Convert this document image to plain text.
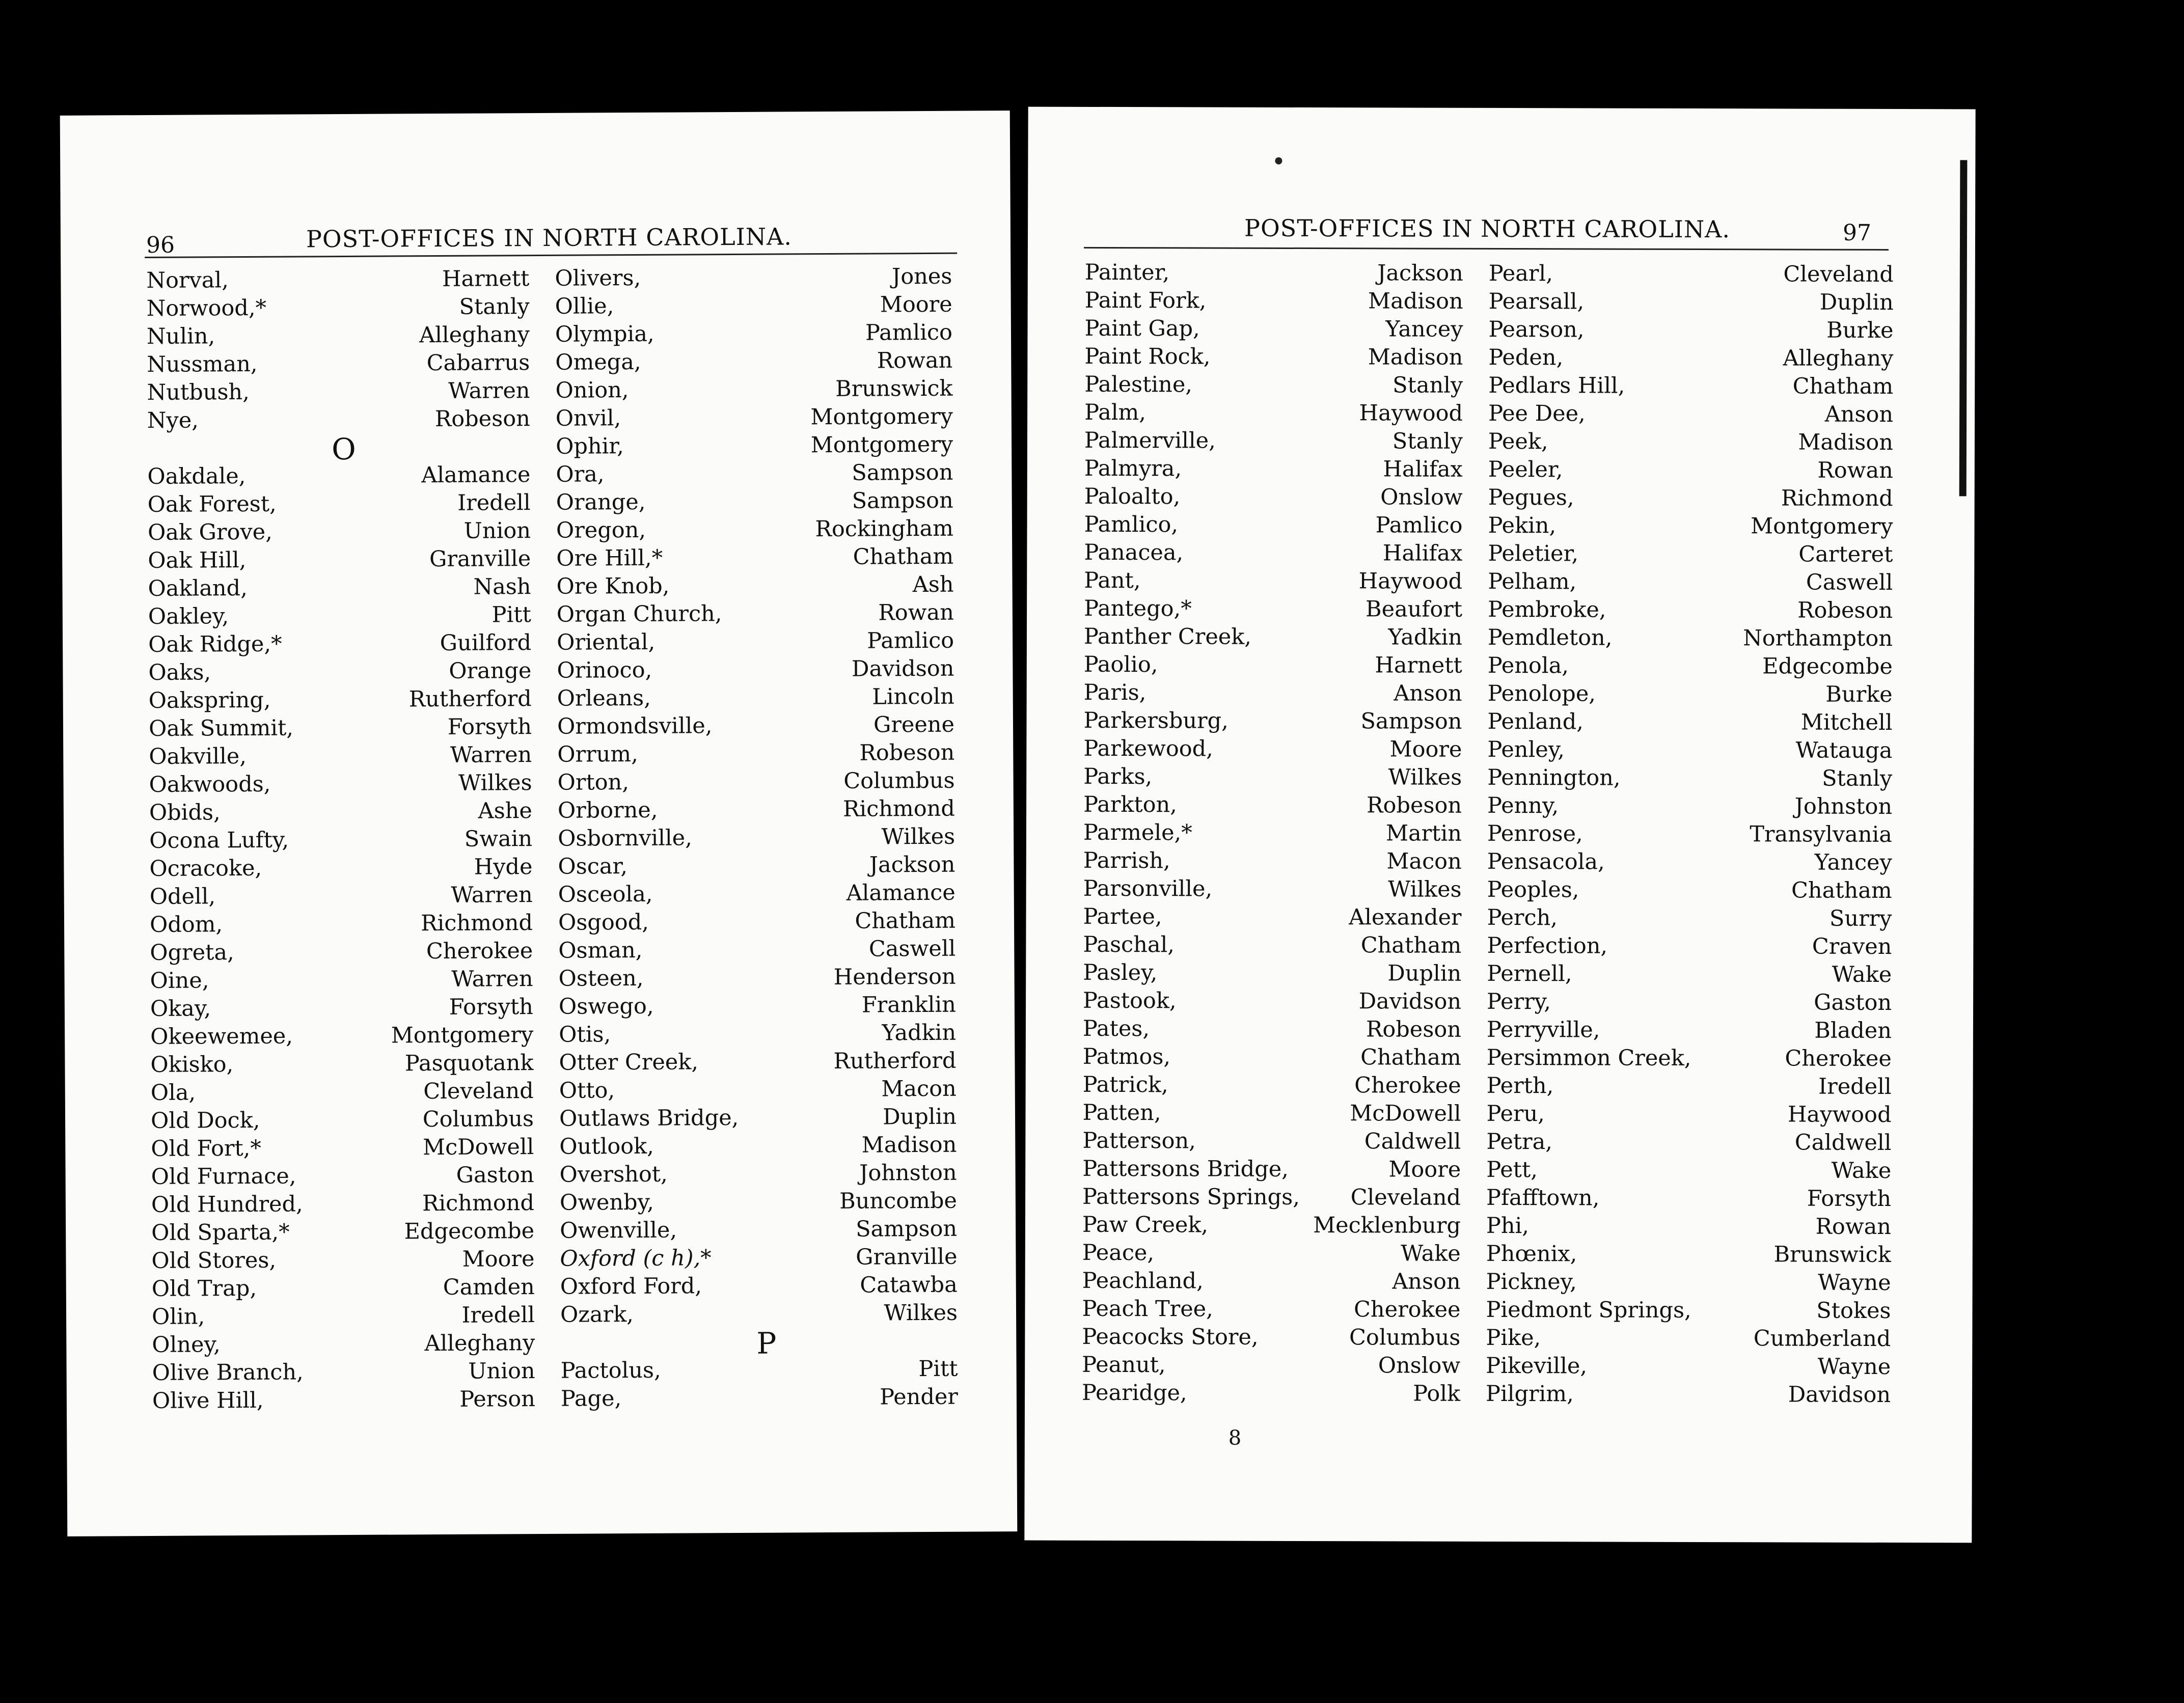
96	POST-OFFICES IN NORTH CAROLINA.
Norval,	Harnett
Norwood,*	Stanly
Nulin,	Alleghany
Nussman,	Cabarrus
Nutbush,	Warren
Nye,	Robeson
O
Oakdale,	Alamance
Oak Forest,	Iredell
Oak Grove,	Union
Oak Hill,	Granville
Oakland,	Nash
Oakley,	Pitt
Oak Ridge,*	Guilford
Oaks,	Orange
Oakspring,	Rutherford
Oak Summit,	Forsyth
Oakville,	Warren
Oakwoods,	Wilkes
Obids,	Ashe
Ocona Lufty,	Swain
Ocracoke,	Hyde
Odell,	Warren
Odom,	Richmond
Ogreta,	Cherokee
Oine,	Warren
Okay,	Forsyth
Okeewemee,	Montgomery
Okisko,	Pasquotank
Ola,	Cleveland
Old Dock,	Columbus
Old Fort,*	McDowell
Old Furnace,	Gaston
Old Hundred,	Richmond
Old Sparta,*	Edgecombe
Old Stores,	Moore
Old Trap,	Camden
Olin,	Iredell
Olney,	Alleghany
Olive Branch,	Union
Olive Hill,	Person
Olivers,	Jones
Ollie,	Moore
Olympia,	Pamlico
Omega,	Rowan
Onion,	Brunswick
Onvil,	Montgomery
Ophir,	Montgomery
Ora,	Sampson
Orange,	Sampson
Oregon,	Rockingham
Ore Hill,*	Chatham
Ore Knob,	Ash
Organ Church,	Rowan
Oriental,	Pamlico
Orinoco,	Davidson
Orleans,	Lincoln
Ormondsville,	Greene
Orrum,	Robeson
Orton,	Columbus
Orborne,	Richmond
Osbornville,	Wilkes
Oscar,	Jackson
Osceola,	Alamance
Osgood,	Chatham
Osman,	Caswell
Osteen,	Henderson
Oswego,	Franklin
Otis,	Yadkin
Otter Creek,	Rutherford
Otto,	Macon
Outlaws Bridge,	Duplin
Outlook,	Madison
Overshot,	Johnston
Owenby,	Buncombe
Owenville,	Sampson
Oxford (c h),*	Granville
Oxford Ford,	Catawba
Ozark,	Wilkes
P
Pactolus,	Pitt
Page,	Pender
POST-OFFICES IN NORTH CAROLINA.	97
Painter,	Jackson
Paint Fork,	Madison
Paint Gap,	Yancey
Paint Rock,	Madison
Palestine,	Stanly
Palm,	Haywood
Palmerville,	Stanly
Palmyra,	Halifax
Paloalto,	Onslow
Pamlico,	Pamlico
Panacea,	Halifax
Pant,	Haywood
Pantego,*	Beaufort
Panther Creek,	Yadkin
Paolio,	Harnett
Paris,	Anson
Parkersburg,	Sampson
Parkewood,	Moore
Parks,	Wilkes
Parkton,	Robeson
Parmele,*	Martin
Parrish,	Macon
Parsonville,	Wilkes
Partee,	Alexander
Paschal,	Chatham
Pasley,	Duplin
Pastook,	Davidson
Pates,	Robeson
Patmos,	Chatham
Patrick,	Cherokee
Patten,	McDowell
Patterson,	Caldwell
Pattersons Bridge,	Moore
Pattersons Springs,	Cleveland
Paw Creek,	Mecklenburg
Peace,	Wake
Peachland,	Anson
Peach Tree,	Cherokee
Peacocks Store,	Columbus
Peanut,	Onslow
Pearidge,	Polk
Pearl,	Cleveland
Pearsall,	Duplin
Pearson,	Burke
Peden,	Alleghany
Pedlars Hill,	Chatham
Pee Dee,	Anson
Peek,	Madison
Peeler,	Rowan
Pegues,	Richmond
Pekin,	Montgomery
Peletier,	Carteret
Pelham,	Caswell
Pembroke,	Robeson
Pemdleton,	Northampton
Penola,	Edgecombe
Penolope,	Burke
Penland,	Mitchell
Penley,	Watauga
Pennington,	Stanly
Penny,	Johnston
Penrose,	Transylvania
Pensacola,	Yancey
Peoples,	Chatham
Perch,	Surry
Perfection,	Craven
Pernell,	Wake
Perry,	Gaston
Perryville,	Bladen
Persimmon Creek,	Cherokee
Perth,	Iredell
Peru,	Haywood
Petra,	Caldwell
Pett,	Wake
Pfafftown,	Forsyth
Phi,	Rowan
Phœnix,	Brunswick
Pickney,	Wayne
Piedmont Springs,	Stokes
Pike,	Cumberland
Pikeville,	Wayne
Pilgrim,	Davidson
8
